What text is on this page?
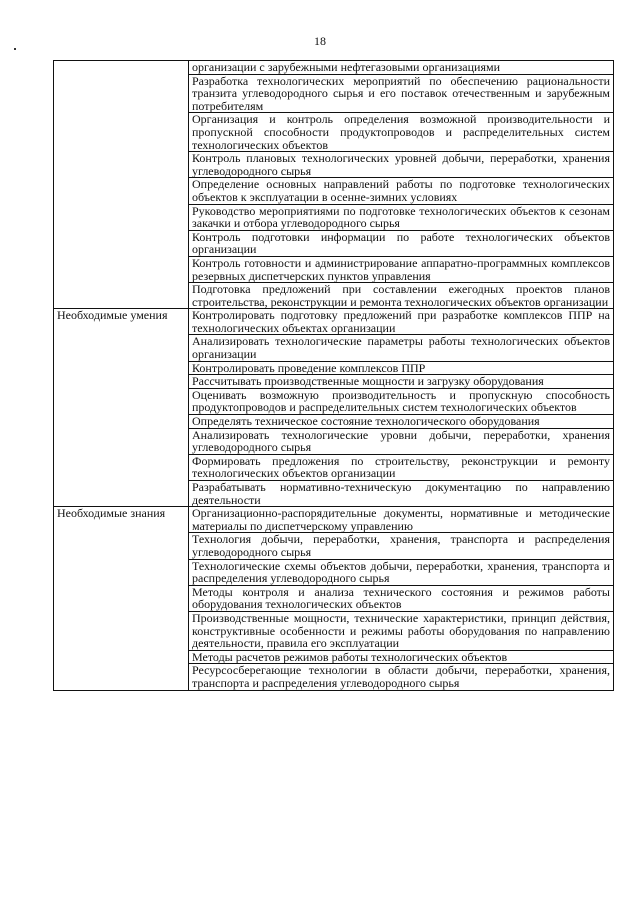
18
	организации с зарубежными нефтегазовыми организациями
	Разработка технологических мероприятий по обеспечению рациональности транзита углеводородного сырья и его поставок отечественным и зарубежным потребителям
	Организация и контроль определения возможной производительности и пропускной способности продуктопроводов и распределительных систем технологических объектов
	Контроль плановых технологических уровней добычи, переработки, хранения углеводородного сырья
	Определение основных направлений работы по подготовке технологических объектов к эксплуатации в осенне-зимних условиях
	Руководство мероприятиями по подготовке технологических объектов к сезонам закачки и отбора углеводородного сырья
	Контроль подготовки информации по работе технологических объектов организации
	Контроль готовности и администрирование аппаратно-программных комплексов резервных диспетчерских пунктов управления
	Подготовка предложений при составлении ежегодных проектов планов строительства, реконструкции и ремонта технологических объектов организации
Необходимые умения	Контролировать подготовку предложений при разработке комплексов ППР на технологических объектах организации
	Анализировать технологические параметры работы технологических объектов организации
	Контролировать проведение комплексов ППР
	Рассчитывать производственные мощности и загрузку оборудования
	Оценивать возможную производительность и пропускную способность продуктопроводов и распределительных систем технологических объектов
	Определять техническое состояние технологического оборудования
	Анализировать технологические уровни добычи, переработки, хранения углеводородного сырья
	Формировать предложения по строительству, реконструкции и ремонту технологических объектов организации
	Разрабатывать нормативно-техническую документацию по направлению деятельности
Необходимые знания	Организационно-распорядительные документы, нормативные и методические материалы по диспетчерскому управлению
	Технология добычи, переработки, хранения, транспорта и распределения углеводородного сырья
	Технологические схемы объектов добычи, переработки, хранения, транспорта и распределения углеводородного сырья
	Методы контроля и анализа технического состояния и режимов работы оборудования технологических объектов
	Производственные мощности, технические характеристики, принцип действия, конструктивные особенности и режимы работы оборудования по направлению деятельности, правила его эксплуатации
	Методы расчетов режимов работы технологических объектов
	Ресурсосберегающие технологии в области добычи, переработки, хранения, транспорта и распределения углеводородного сырья
